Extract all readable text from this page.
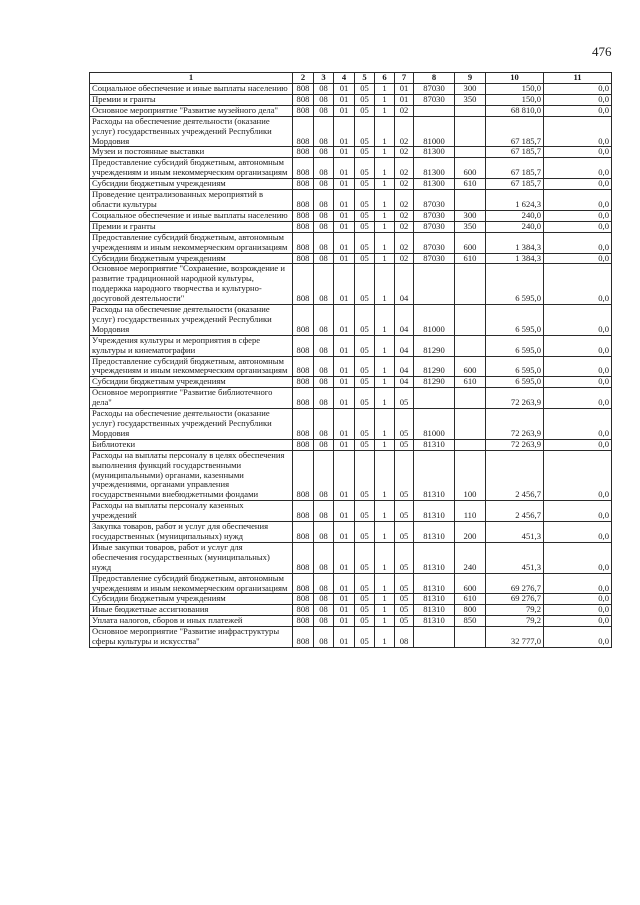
476
1	2	3	4	5	6	7	8	9	10	11
Социальное обеспечение и иные выплаты населению	808	08	01	05	1	01	87030	300	150,0	0,0
Премии и гранты	808	08	01	05	1	01	87030	350	150,0	0,0
Основное мероприятие "Развитие музейного дела"	808	08	01	05	1	02			68 810,0	0,0
Расходы на обеспечение деятельности (оказание услуг) государственных учреждений Республики Мордовия	808	08	01	05	1	02	81000		67 185,7	0,0
Музеи и постоянные выставки	808	08	01	05	1	02	81300		67 185,7	0,0
Предоставление субсидий бюджетным, автономным учреждениям и иным некоммерческим организациям	808	08	01	05	1	02	81300	600	67 185,7	0,0
Субсидии бюджетным учреждениям	808	08	01	05	1	02	81300	610	67 185,7	0,0
Проведение централизованных мероприятий в области культуры	808	08	01	05	1	02	87030		1 624,3	0,0
Социальное обеспечение и иные выплаты населению	808	08	01	05	1	02	87030	300	240,0	0,0
Премии и гранты	808	08	01	05	1	02	87030	350	240,0	0,0
Предоставление субсидий бюджетным, автономным учреждениям и иным некоммерческим организациям	808	08	01	05	1	02	87030	600	1 384,3	0,0
Субсидии бюджетным учреждениям	808	08	01	05	1	02	87030	610	1 384,3	0,0
Основное мероприятие "Сохранение, возрождение и развитие традиционной народной культуры, поддержка народного творчества и культурно-досуговой деятельности"	808	08	01	05	1	04			6 595,0	0,0
Расходы на обеспечение деятельности (оказание услуг) государственных учреждений Республики Мордовия	808	08	01	05	1	04	81000		6 595,0	0,0
Учреждения культуры и мероприятия в сфере культуры и кинематографии	808	08	01	05	1	04	81290		6 595,0	0,0
Предоставление субсидий бюджетным, автономным учреждениям и иным некоммерческим организациям	808	08	01	05	1	04	81290	600	6 595,0	0,0
Субсидии бюджетным учреждениям	808	08	01	05	1	04	81290	610	6 595,0	0,0
Основное мероприятие "Развитие библиотечного дела"	808	08	01	05	1	05			72 263,9	0,0
Расходы на обеспечение деятельности (оказание услуг) государственных учреждений Республики Мордовия	808	08	01	05	1	05	81000		72 263,9	0,0
Библиотеки	808	08	01	05	1	05	81310		72 263,9	0,0
Расходы на выплаты персоналу в целях обеспечения выполнения функций государственными (муниципальными) органами, казенными учреждениями, органами управления государственными внебюджетными фондами	808	08	01	05	1	05	81310	100	2 456,7	0,0
Расходы на выплаты персоналу казенных учреждений	808	08	01	05	1	05	81310	110	2 456,7	0,0
Закупка товаров, работ и услуг для обеспечения государственных (муниципальных) нужд	808	08	01	05	1	05	81310	200	451,3	0,0
Иные закупки товаров, работ и услуг для обеспечения государственных (муниципальных) нужд	808	08	01	05	1	05	81310	240	451,3	0,0
Предоставление субсидий бюджетным, автономным учреждениям и иным некоммерческим организациям	808	08	01	05	1	05	81310	600	69 276,7	0,0
Субсидии бюджетным учреждениям	808	08	01	05	1	05	81310	610	69 276,7	0,0
Иные бюджетные ассигнования	808	08	01	05	1	05	81310	800	79,2	0,0
Уплата налогов, сборов и иных платежей	808	08	01	05	1	05	81310	850	79,2	0,0
Основное мероприятие "Развитие инфраструктуры сферы культуры и искусства"	808	08	01	05	1	08			32 777,0	0,0
